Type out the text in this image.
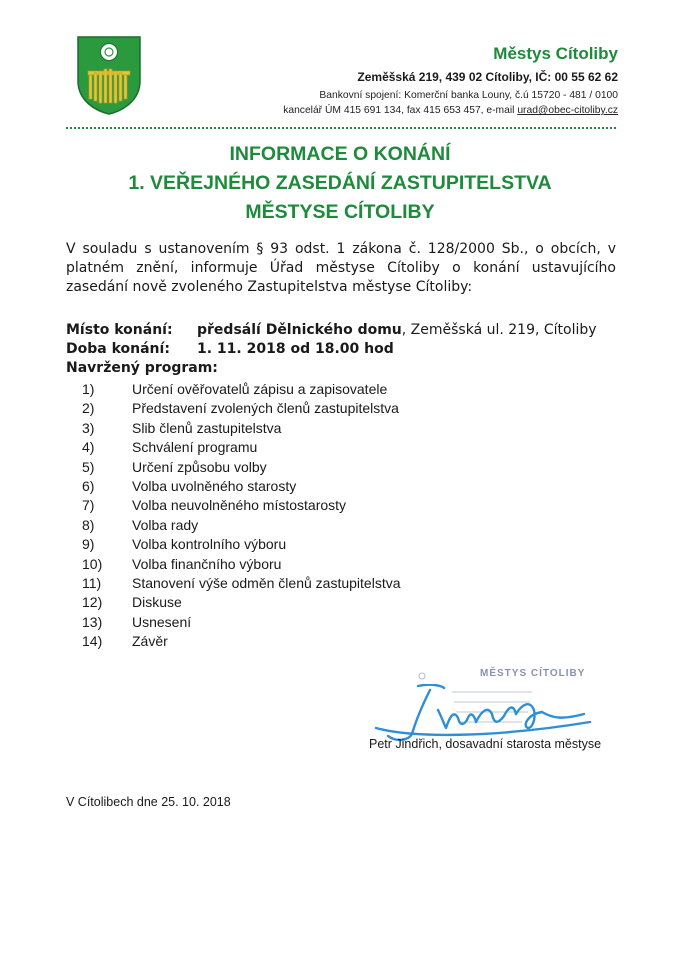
Městys Cítoliby
Zeměšská 219, 439 02 Cítoliby, IČ: 00 55 62 62
Bankovní spojení: Komerční banka Louny, č.ú 15720 - 481 / 0100
kancelář ÚM 415 691 134, fax 415 653 457, e-mail urad@obec-citoliby.cz
INFORMACE O KONÁNÍ
1. VEŘEJNÉHO ZASEDÁNÍ ZASTUPITELSTVA
MĚSTYSE CÍTOLIBY
V souladu s ustanovením § 93 odst. 1 zákona č. 128/2000 Sb., o obcích, v platném znění, informuje Úřad městyse Cítoliby o konání ustavujícího zasedání nově zvoleného Zastupitelstva městyse Cítoliby:
Místo konání:	předsálí Dělnického domu, Zeměšská ul. 219, Cítoliby
Doba konání:	1. 11. 2018 od 18.00 hod
Navržený program:
1)	Určení ověřovatelů zápisu a zapisovatele
2)	Představení zvolených členů zastupitelstva
3)	Slib členů zastupitelstva
4)	Schválení programu
5)	Určení způsobu volby
6)	Volba uvolněného starosty
7)	Volba neuvolněného místostarosty
8)	Volba rady
9)	Volba kontrolního výboru
10)	Volba finančního výboru
11)	Stanovení výše odměn členů zastupitelstva
12)	Diskuse
13)	Usnesení
14)	Závěr
MĚSTYS CÍTOLIBY
Petr Jindřich, dosavadní starosta městyse
V Cítolibech dne 25. 10. 2018
